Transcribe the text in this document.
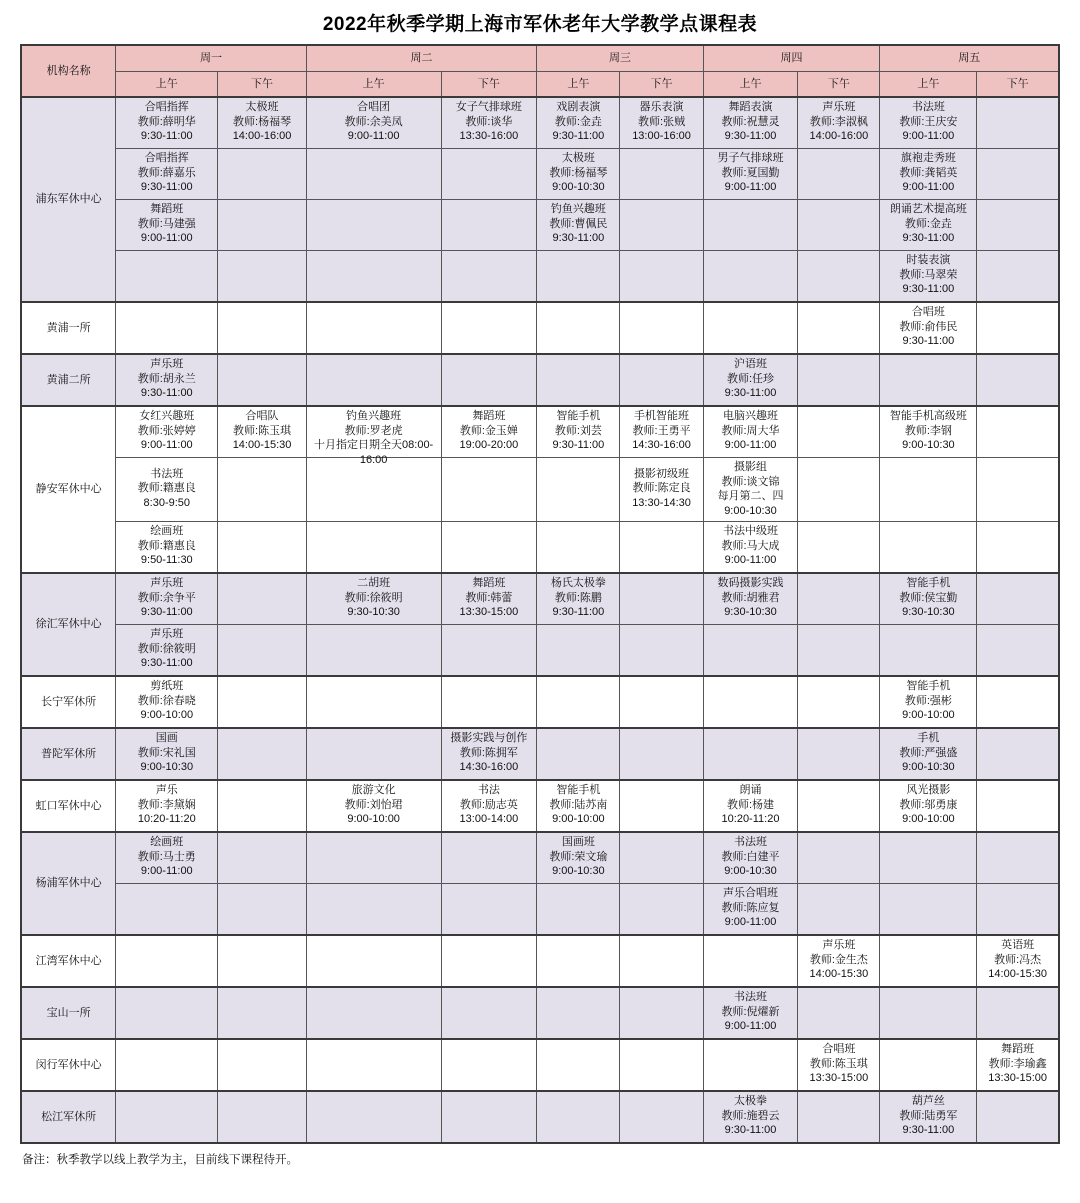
2022年秋季学期上海市军休老年大学教学点课程表
机构名称	周一		周二		周三		周四		周五	
	上午	下午	上午	下午	上午	下午	上午	下午	上午	下午
浦东军休中心	合唱指挥
教师:薛明华
9:30-11:00	太极班
教师:杨福琴
14:00-16:00	合唱团
教师:余美凤
9:00-11:00	女子气排球班
教师:谈华
13:30-16:00	戏剧表演
教师:金垚
9:30-11:00	器乐表演
教师:张贼
13:00-16:00	舞蹈表演
教师:祝慧灵
9:30-11:00	声乐班
教师:李淑枫
14:00-16:00	书法班
教师:王庆安
9:00-11:00	

	合唱指挥
教师:薛嘉乐
9:30-11:00				太极班
教师:杨福琴
9:00-10:30		男子气排球班
教师:夏国勤
9:00-11:00		旗袍走秀班
教师:龚韬英
9:00-11:00	

	舞蹈班
教师:马建强
9:00-11:00				钓鱼兴趣班
教师:曹佩民
9:30-11:00				朗诵艺术提高班
教师:金垚
9:30-11:00	

									时装表演
教师:马翠荣
9:30-11:00	

黄浦一所									合唱班
教师:俞伟民
9:30-11:00	

黄浦二所	声乐班
教师:胡永兰
9:30-11:00						沪语班
教师:任珍
9:30-11:00			

静安军休中心	女红兴趣班
教师:张婷婷
9:00-11:00	合唱队
教师:陈玉琪
14:00-15:30	钓鱼兴趣班
教师:罗老虎
十月指定日期全天08:00-16:00	舞蹈班
教师:金玉婵
19:00-20:00	智能手机
教师:刘芸
9:30-11:00	手机智能班
教师:王勇平
14:30-16:00	电脑兴趣班
教师:周大华
9:00-11:00		智能手机高级班
教师:李钢
9:00-10:30	

	书法班
教师:籍惠良
8:30-9:50					摄影初级班
教师:陈定良
13:30-14:30	摄影组
教师:谈文锦
每月第二、四
9:00-10:30			

	绘画班
教师:籍惠良
9:50-11:30						书法中级班
教师:马大成
9:00-11:00			

徐汇军休中心	声乐班
教师:余争平
9:30-11:00		二胡班
教师:徐筱明
9:30-10:30	舞蹈班
教师:韩蕾
13:30-15:00	杨氏太极拳
教师:陈鹏
9:30-11:00		数码摄影实践
教师:胡雅君
9:30-10:30		智能手机
教师:侯宝勤
9:30-10:30	

	声乐班
教师:徐筱明
9:30-11:00									

长宁军休所	剪纸班
教师:徐春晓
9:00-10:00								智能手机
教师:强彬
9:00-10:00	

普陀军休所	国画
教师:宋礼国
9:00-10:30			摄影实践与创作
教师:陈拥军
14:30-16:00					手机
教师:严强盛
9:00-10:30	

虹口军休中心	声乐
教师:李黛娴
10:20-11:20		旅游文化
教师:刘怡珺
9:00-10:00	书法
教师:励志英
13:00-14:00	智能手机
教师:陆苏南
9:00-10:00		朗诵
教师:杨建
10:20-11:20		风光摄影
教师:邬勇康
9:00-10:00	

杨浦军休中心	绘画班
教师:马士勇
9:00-11:00				国画班
教师:荣文瑜
9:00-10:30		书法班
教师:白建平
9:00-10:30			

							声乐合唱班
教师:陈应复
9:00-11:00			

江湾军休中心								声乐班
教师:金生杰
14:00-15:30		英语班
教师:冯杰
14:00-15:30

宝山一所							书法班
教师:倪燿新
9:00-11:00			

闵行军休中心								合唱班
教师:陈玉琪
13:30-15:00		舞蹈班
教师:李瑜鑫
13:30-15:00

松江军休所							太极拳
教师:施碧云
9:30-11:00		葫芦丝
教师:陆勇军
9:30-11:00	

备注：秋季教学以线上教学为主，目前线下课程待开。
